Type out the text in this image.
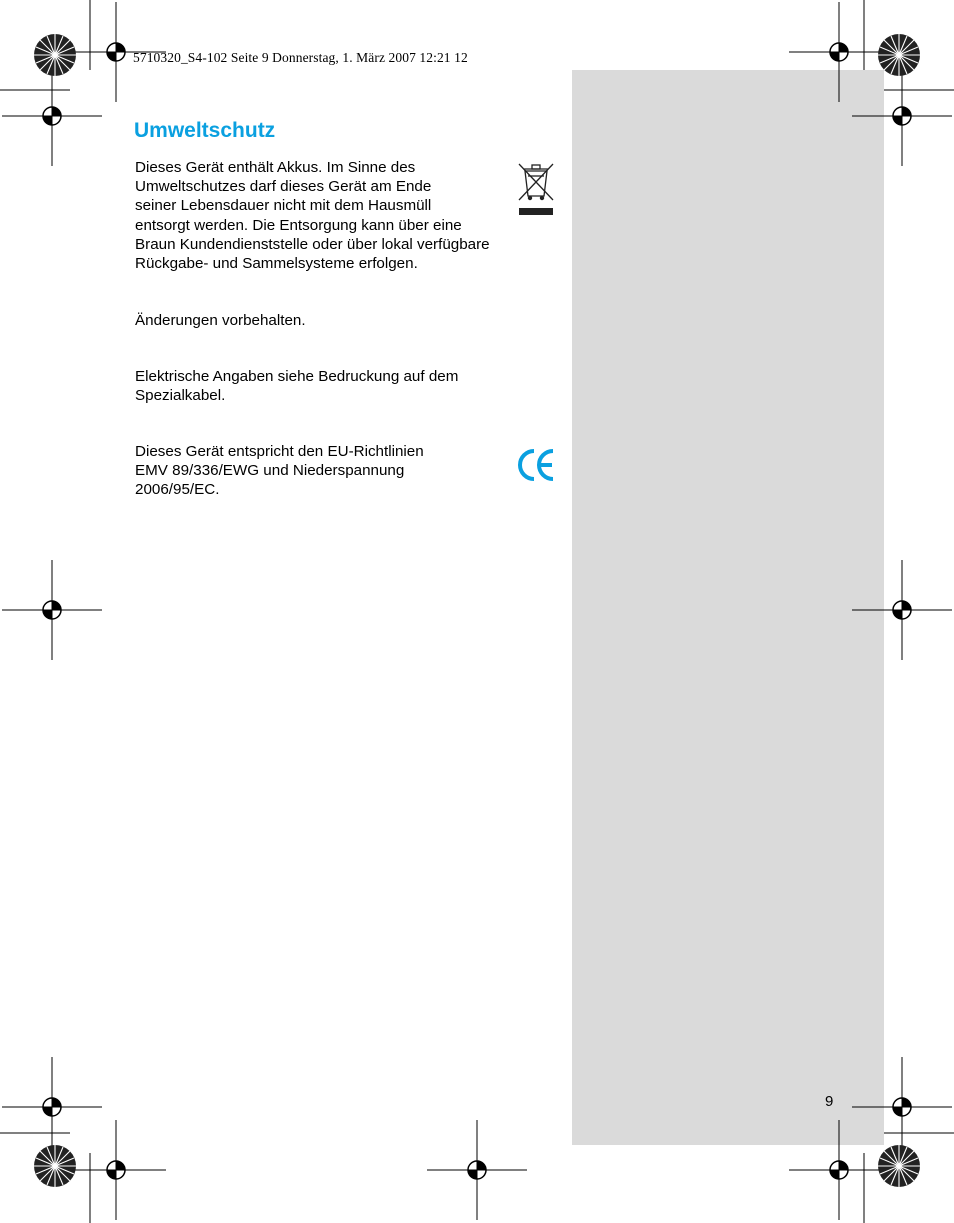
5710320_S4-102 Seite 9 Donnerstag, 1. März 2007 12:21 12
Umweltschutz
Dieses Gerät enthält Akkus. Im Sinne des
Umweltschutzes darf dieses Gerät am Ende
seiner Lebensdauer nicht mit dem Hausmüll
entsorgt werden. Die Entsorgung kann über eine
Braun Kundendienststelle oder über lokal verfügbare
Rückgabe- und Sammelsysteme erfolgen.
Änderungen vorbehalten.
Elektrische Angaben siehe Bedruckung auf dem
Spezialkabel.
Dieses Gerät entspricht den EU-Richtlinien
EMV 89/336/EWG und Niederspannung
2006/95/EC.
9
